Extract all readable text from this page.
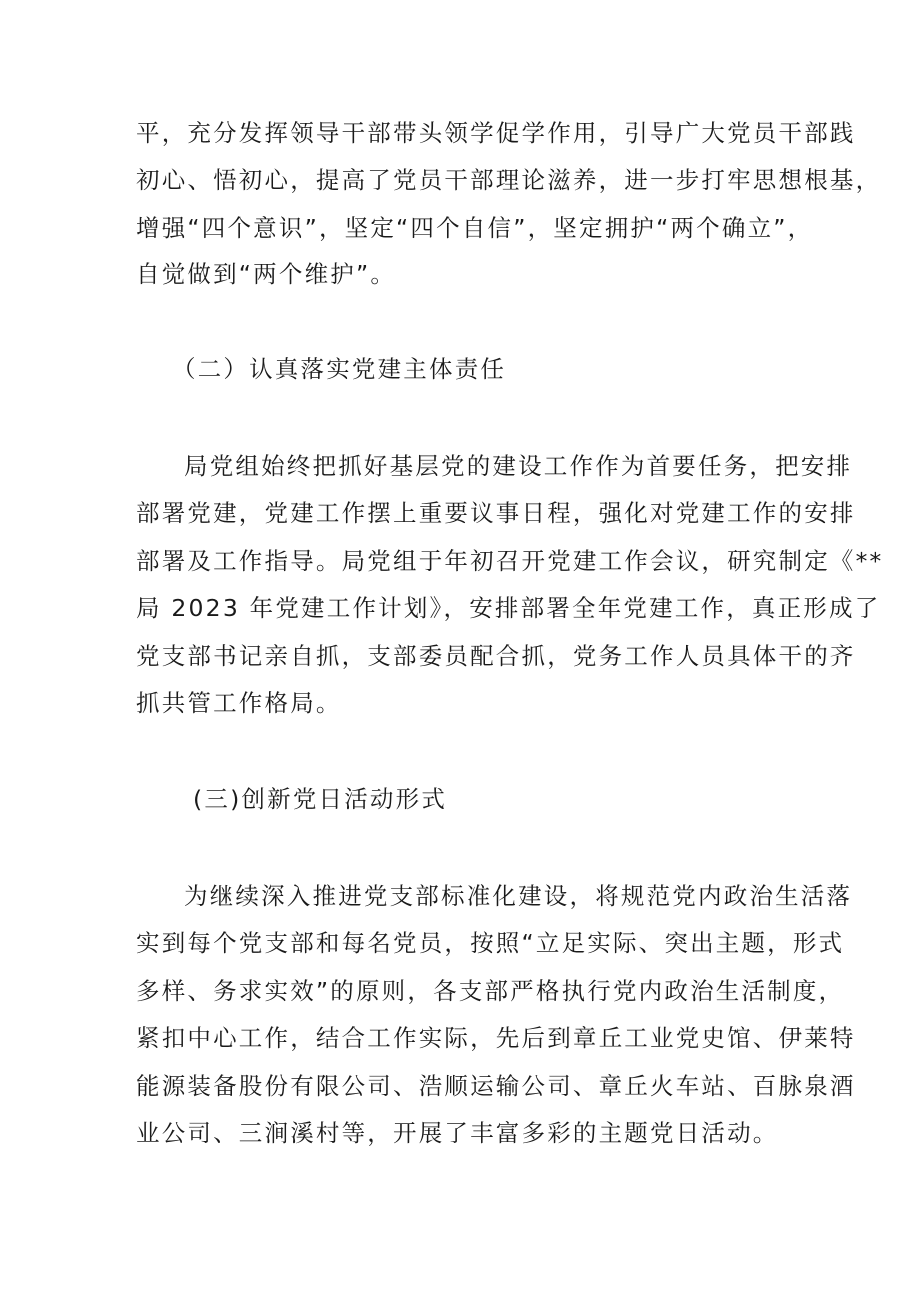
平，充分发挥领导干部带头领学促学作用，引导广大党员干部践
初心、悟初心，提高了党员干部理论滋养，进一步打牢思想根基，
增强“四个意识”，坚定“四个自信”，坚定拥护“两个确立”，
自觉做到“两个维护”。
（二）认真落实党建主体责任
局党组始终把抓好基层党的建设工作作为首要任务，把安排
部署党建，党建工作摆上重要议事日程，强化对党建工作的安排
部署及工作指导。局党组于年初召开党建工作会议，研究制定《**
局 2023 年党建工作计划》，安排部署全年党建工作，真正形成了
党支部书记亲自抓，支部委员配合抓，党务工作人员具体干的齐
抓共管工作格局。
(三)创新党日活动形式
为继续深入推进党支部标准化建设，将规范党内政治生活落
实到每个党支部和每名党员，按照“立足实际、突出主题，形式
多样、务求实效”的原则，各支部严格执行党内政治生活制度，
紧扣中心工作，结合工作实际，先后到章丘工业党史馆、伊莱特
能源装备股份有限公司、浩顺运输公司、章丘火车站、百脉泉酒
业公司、三涧溪村等，开展了丰富多彩的主题党日活动。
